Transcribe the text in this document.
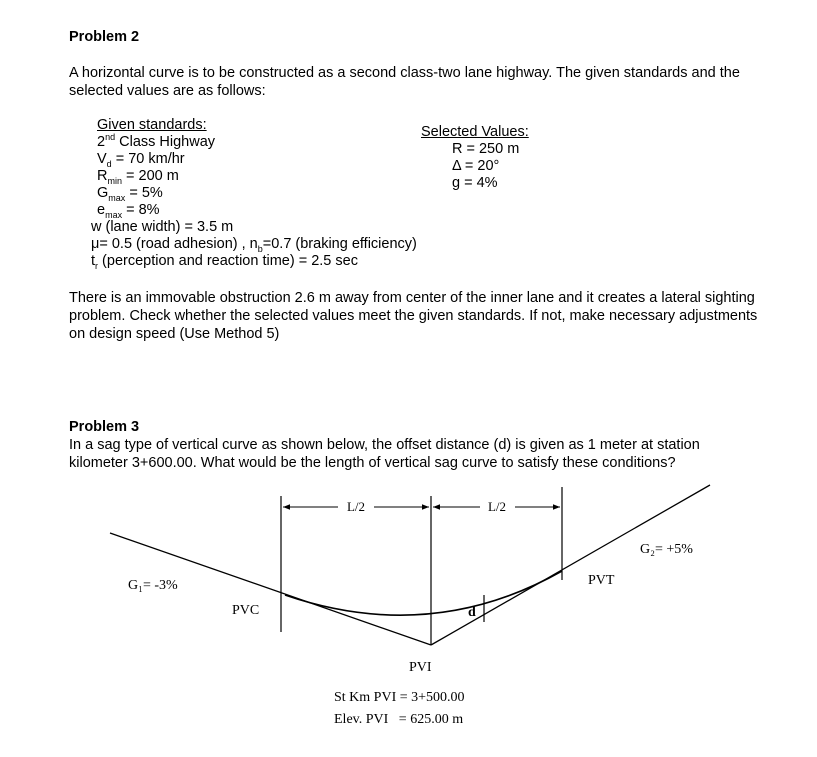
Problem 2
A horizontal curve is to be constructed as a second class-two lane highway. The given standards and the selected values are as follows:
Given standards:
2nd Class Highway
$V_d = 70$ km/hr
$R_{min} = 200$ m
$G_{max} = 5\%$
$e_{max} = 8\%$
w (lane width) = 3.5 m
μ= 0.5 (road adhesion) , $n_b=0.7$ (braking efficiency)
$t_r$ (perception and reaction time) = 2.5 sec
Selected Values:
R = 250 m
Δ = 20°
g = 4%
There is an immovable obstruction 2.6 m away from center of the inner lane and it creates a lateral sighting problem. Check whether the selected values meet the given standards. If not, make necessary adjustments on design speed (Use Method 5)
Problem 3
In a sag type of vertical curve as shown below, the offset distance (d) is given as 1 meter at station kilometer 3+600.00. What would be the length of vertical sag curve to satisfy these conditions?
L/2	L/2
G₁= -3%
G₂= +5%
PVC
PVT
d
PVI
St Km PVI = 3+500.00
Elev. PVI   = 625.00 m
